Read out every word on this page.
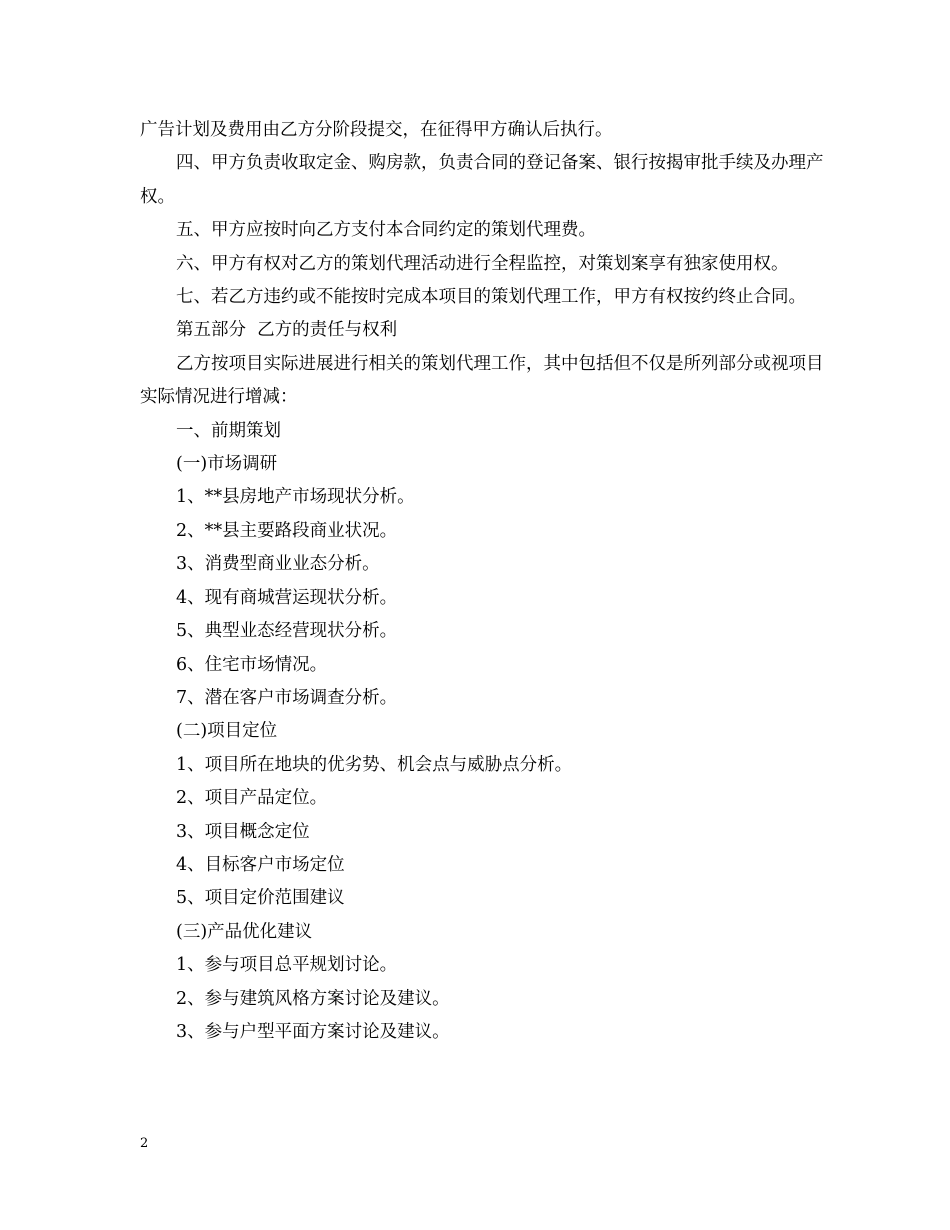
广告计划及费用由乙方分阶段提交，在征得甲方确认后执行。

四、甲方负责收取定金、购房款，负责合同的登记备案、银行按揭审批手续及办理产权。

五、甲方应按时向乙方支付本合同约定的策划代理费。

六、甲方有权对乙方的策划代理活动进行全程监控，对策划案享有独家使用权。

七、若乙方违约或不能按时完成本项目的策划代理工作，甲方有权按约终止合同。

第五部分  乙方的责任与权利

乙方按项目实际进展进行相关的策划代理工作，其中包括但不仅是所列部分或视项目 实际情况进行增减：

一、前期策划

(一)市场调研

1、**县房地产市场现状分析。

2、**县主要路段商业状况。

3、消费型商业业态分析。

4、现有商城营运现状分析。

5、典型业态经营现状分析。

6、住宅市场情况。

7、潜在客户市场调查分析。

(二)项目定位

1、项目所在地块的优劣势、机会点与威胁点分析。

2、项目产品定位。

3、项目概念定位

4、目标客户市场定位

5、项目定价范围建议

(三)产品优化建议

1、参与项目总平规划讨论。

2、参与建筑风格方案讨论及建议。

3、参与户型平面方案讨论及建议。

2
